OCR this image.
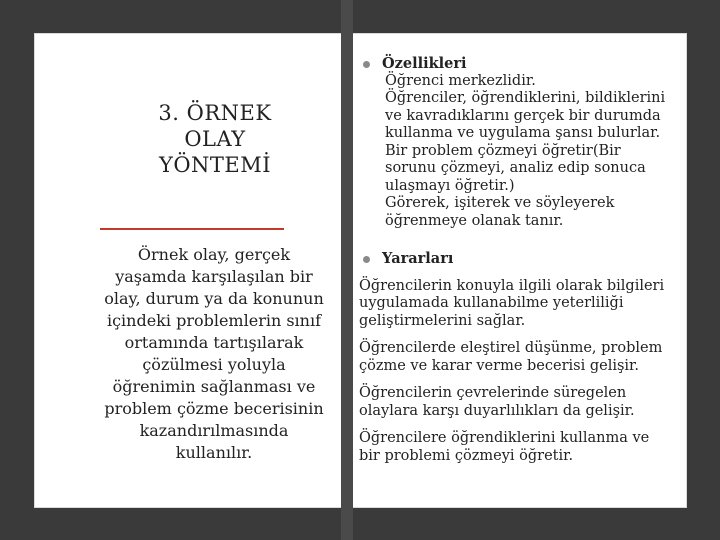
3. ÖRNEK
OLAY
YÖNTEMİ
Örnek olay, gerçek
yaşamda karşılaşılan bir
olay, durum ya da konunun
içindeki problemlerin sınıf
ortamında tartışılarak
çözülmesi yoluyla
öğrenimin sağlanması ve
problem çözme becerisinin
kazandırılmasında
kullanılır.
Özellikleri
Öğrenci merkezlidir.
Öğrenciler, öğrendiklerini, bildiklerini
ve kavradıklarını gerçek bir durumda
kullanma ve uygulama şansı bulurlar.
Bir problem çözmeyi öğretir(Bir
sorunu çözmeyi, analiz edip sonuca
ulaşmayı öğretir.)
Görerek, işiterek ve söyleyerek
öğrenmeye olanak tanır.
Yararları
Öğrencilerin konuyla ilgili olarak bilgileri
uygulamada kullanabilme yeterliliği
geliştirmelerini sağlar.
Öğrencilerde eleştirel düşünme, problem
çözme ve karar verme becerisi gelişir.
Öğrencilerin çevrelerinde süregelen
olaylara karşı duyarlılıkları da gelişir.
Öğrencilere öğrendiklerini kullanma ve
bir problemi çözmeyi öğretir.
